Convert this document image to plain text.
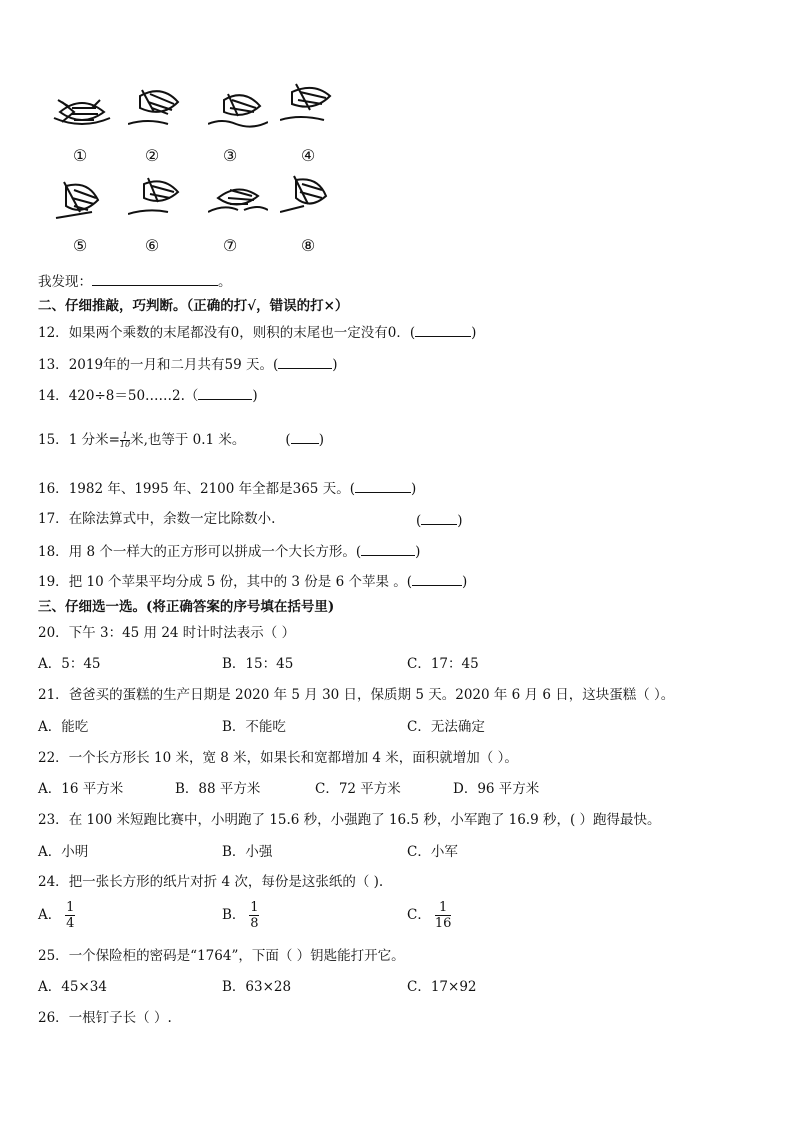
①	②	③	④
⑤	⑥	⑦	⑧
我发现：	。
二、仔细推敲，巧判断。（正确的打√，错误的打×）
12．如果两个乘数的末尾都没有0，则积的末尾也一定没有0．(	)
13．2019年的一月和二月共有59 天。(	)
14．420÷8＝50……2.（	)
15．1 分米= $\frac{1}{10}$ 米,也等于 0.1 米。	( )
16．1982 年、1995 年、2100 年全都是365 天。(	)
17．在除法算式中，余数一定比除数小.	(	)
18．用 8 个一样大的正方形可以拼成一个大长方形。(	)
19．把 10 个苹果平均分成 5 份，其中的 3 份是 6 个苹果 。(	)
三、仔细选一选。(将正确答案的序号填在括号里)
20．下午 3：45 用 24 时计时法表示（ ）
A．5：45	B．15：45	C．17：45
21．爸爸买的蛋糕的生产日期是 2020 年 5 月 30 日，保质期 5 天。2020 年 6 月 6 日，这块蛋糕（ ）。
A．能吃	B．不能吃	C．无法确定
22．一个长方形长 10 米，宽 8 米，如果长和宽都增加 4 米，面积就增加（ ）。
A．16 平方米	B．88 平方米	C．72 平方米	D．96 平方米
23．在 100 米短跑比赛中，小明跑了 15.6 秒，小强跑了 16.5 秒，小军跑了 16.9 秒，( ）跑得最快。
A．小明	B．小强	C．小军
24．把一张长方形的纸片对折 4 次，每份是这张纸的（ ).
A． $\frac{1}{4}$	B． $\frac{1}{8}$	C． $\frac{1}{16}$
25．一个保险柜的密码是“1764”，下面（ ）钥匙能打开它。
A．45×34	B．63×28	C．17×92
26．一根钉子长（ ）.
